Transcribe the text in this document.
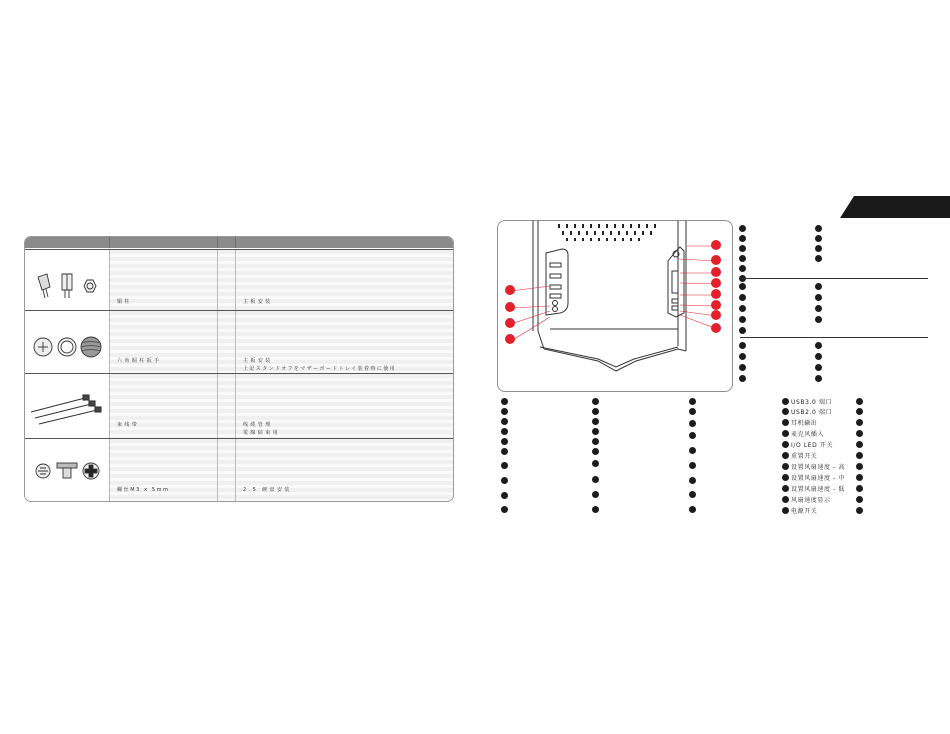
铜柱	主板安装
六角铜柱扳手	主板安装
上記スタンドオフをマザーボードトレイ装着時に使用
束线带	线缆管理
電線結束用
螺丝M3 x 5mm	2.5 硬盘安装
USB3.0 端口
USB2.0 端口
耳机输出
麦克风插入
I/O LED 开关
重置开关
设置风扇速度 - 高
设置风扇速度 - 中
设置风扇速度 - 低
风扇速度显示
电源开关
